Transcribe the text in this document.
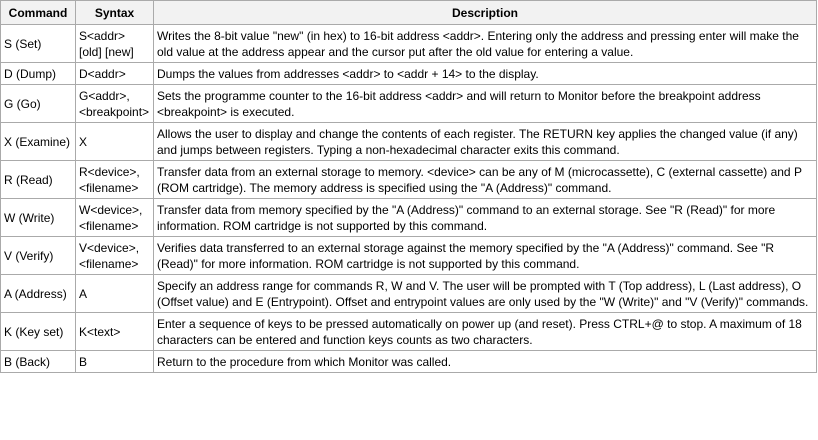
Command	Syntax	Description
S (Set)	S<addr> [old] [new]	Writes the 8-bit value "new" (in hex) to 16-bit address <addr>. Entering only the address and pressing enter will make the old value at the address appear and the cursor put after the old value for entering a value.
D (Dump)	D<addr>	Dumps the values from addresses <addr> to <addr + 14> to the display.
G (Go)	G<addr>, <breakpoint>	Sets the programme counter to the 16-bit address <addr> and will return to Monitor before the breakpoint address <breakpoint> is executed.
X (Examine)	X	Allows the user to display and change the contents of each register. The RETURN key applies the changed value (if any) and jumps between registers. Typing a non-hexadecimal character exits this command.
R (Read)	R<device>, <filename>	Transfer data from an external storage to memory. <device> can be any of M (microcassette), C (external cassette) and P (ROM cartridge). The memory address is specified using the "A (Address)" command.
W (Write)	W<device>, <filename>	Transfer data from memory specified by the "A (Address)" command to an external storage. See "R (Read)" for more information. ROM cartridge is not supported by this command.
V (Verify)	V<device>, <filename>	Verifies data transferred to an external storage against the memory specified by the "A (Address)" command. See "R (Read)" for more information. ROM cartridge is not supported by this command.
A (Address)	A	Specify an address range for commands R, W and V. The user will be prompted with T (Top address), L (Last address), O (Offset value) and E (Entrypoint). Offset and entrypoint values are only used by the "W (Write)" and "V (Verify)" commands.
K (Key set)	K<text>	Enter a sequence of keys to be pressed automatically on power up (and reset). Press CTRL+@ to stop. A maximum of 18 characters can be entered and function keys counts as two characters.
B (Back)	B	Return to the procedure from which Monitor was called.
